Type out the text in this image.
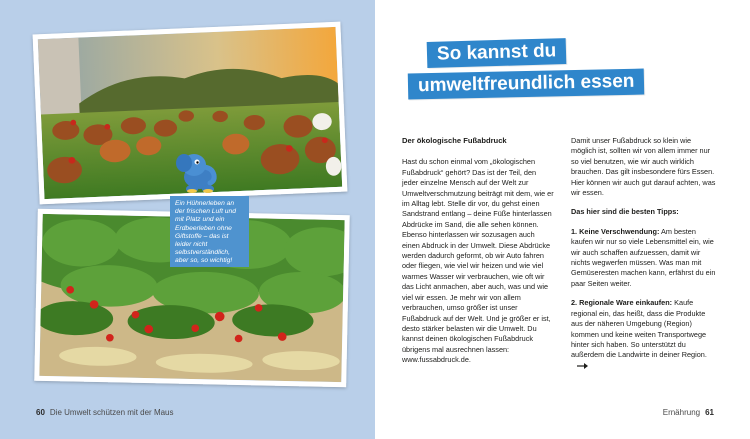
Ein Hühnerleben an der frischen Luft und mit Platz und ein Erdbeerleben ohne Giftstoffe – das ist leider nicht selbstverständlich, aber so, so wichtig!

60 Die Umwelt schützen mit der Maus
So kannst du
umweltfreundlich essen
Der ökologische Fußabdruck

Hast du schon einmal vom „ökologischen Fußabdruck“ gehört? Das ist der Teil, den jeder einzelne Mensch auf der Welt zur Umweltverschmutzung beiträgt mit dem, wie er im Alltag lebt. Stelle dir vor, du gehst einen Sandstrand entlang – deine Füße hinterlassen Abdrücke im Sand, die alle sehen können. Ebenso hinterlassen wir sozusagen auch einen Abdruck in der Umwelt. Diese Abdrücke werden dadurch geformt, ob wir Auto fahren oder fliegen, wie viel wir heizen und wie viel warmes Wasser wir verbrauchen, wie oft wir das Licht anmachen, aber auch, was und wie viel wir essen. Je mehr wir von allem verbrauchen, umso größer ist unser Fußabdruck auf der Welt. Und je größer er ist, desto stärker belasten wir die Umwelt. Du kannst deinen ökologischen Fußabdruck übrigens mal ausrechnen lassen: www.fussabdruck.de.

Damit unser Fußabdruck so klein wie möglich ist, sollten wir von allem immer nur so viel benutzen, wie wir auch wirklich brauchen. Das gilt insbesondere fürs Essen. Hier können wir auch gut darauf achten, was wir essen.

Das hier sind die besten Tipps:

1. Keine Verschwendung: Am besten kaufen wir nur so viele Lebensmittel ein, wie wir auch schaffen aufzuessen, damit wir nichts wegwerfen müssen. Was man mit Gemüseresten machen kann, erfährst du ein paar Seiten weiter.

2. Regionale Ware einkaufen: Kaufe regional ein, das heißt, dass die Produkte aus der näheren Umgebung (Region) kommen und keine weiten Transportwege hinter sich haben. So unterstützt du außerdem die Landwirte in deiner Region.

Ernährung 61
